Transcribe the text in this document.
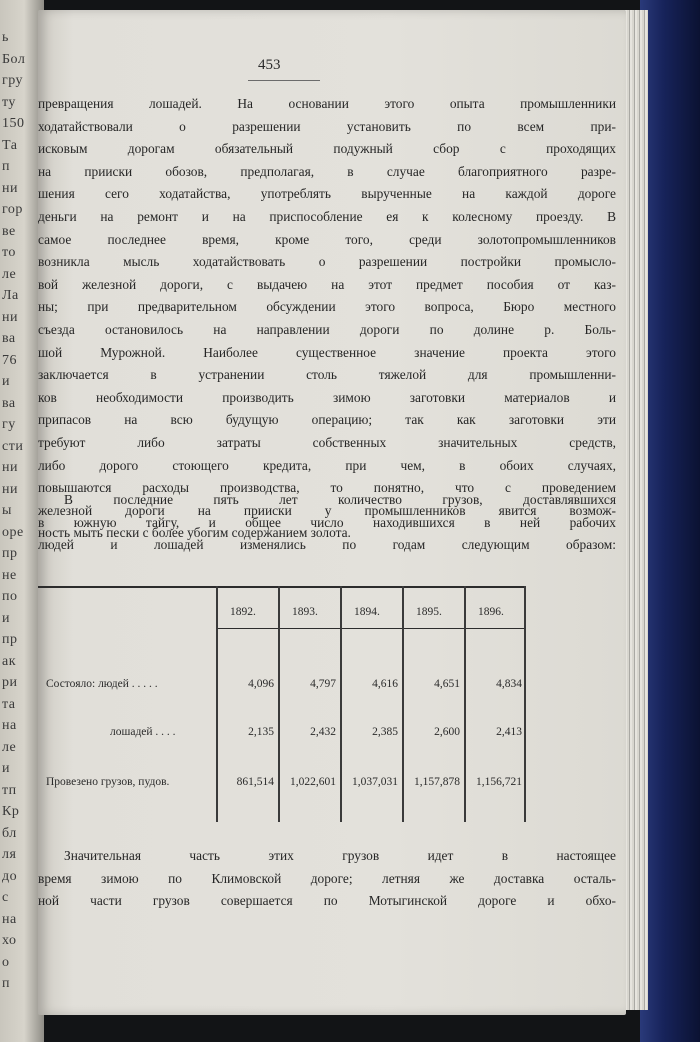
ь
Бол
гру
ту
150
Та
п
ни
гор
ве
то
ле
Ла
ни
ва
76
и
ва
гу
сти
ни
ни
ы
оре
пр
не
по
и
пр
ак
ри
та
на
ле
и
тп
Кр
бл
ля
до
с
на
хо
о
п
453
превращения лошадей. На основании этого опыта промышленники
ходатайствовали о разрешении установить по всем при-
исковым дорогам обязательный подужный сбор с проходящих
на прииски обозов, предполагая, в случае благоприятного разре-
шения сего ходатайства, употреблять вырученные на каждой дороге
деньги на ремонт и на приспособление ея к колесному проезду. В
самое последнее время, кроме того, среди золотопромышленников
возникла мысль ходатайствовать о разрешении постройки промысло-
вой железной дороги, с выдачею на этот предмет пособия от каз-
ны; при предварительном обсуждении этого вопроса, Бюро местного
съезда остановилось на направлении дороги по долине р. Боль-
шой Мурожной. Наиболее существенное значение проекта этого
заключается в устранении столь тяжелой для промышленни-
ков необходимости производить зимою заготовки материалов и
припасов на всю будущую операцию; так как заготовки эти
требуют либо затраты собственных значительных средств,
либо дорого стоющего кредита, при чем, в обоих случаях,
повышаются расходы производства, то понятно, что с проведением
железной дороги на прииски у промышленников явится возмож-
ность мыть пески с более убогим содержанием золота.
В последние пять лет количество грузов, доставлявшихся
в южную тайгу, и общее число находившихся в ней рабочих
людей и лошадей изменялись по годам следующим образом:
1892.	1893.	1894.	1895.	1896.
Состояло: людей . . . . .	4,096	4,797	4,616	4,651	4,834
лошадей . . . .	2,135	2,432	2,385	2,600	2,413
Провезено грузов, пудов.	861,514 1,022,601 1,037,031 1,157,878 1,156,721
Значительная часть этих грузов идет в настоящее
время зимою по Климовской дороге; летняя же доставка осталь-
ной части грузов совершается по Мотыгинской дороге и обхо-
